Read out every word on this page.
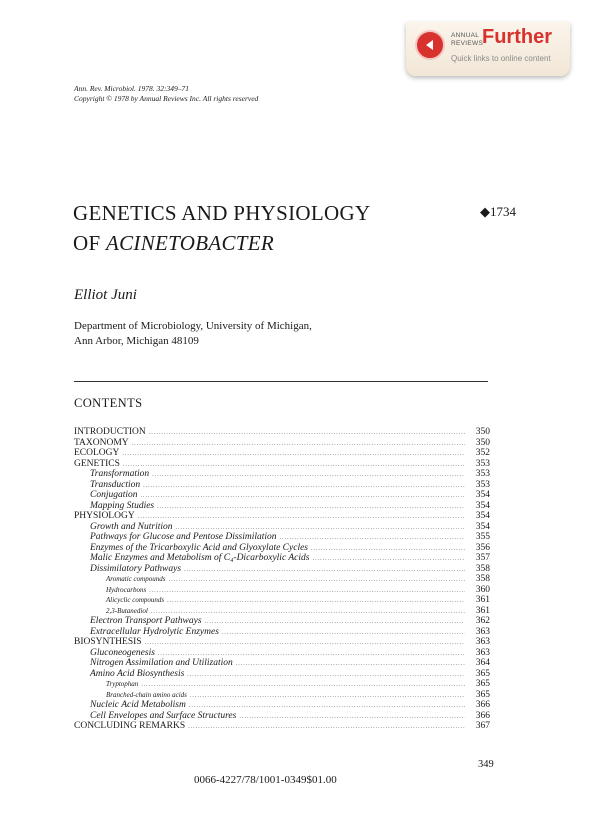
ANNUAL
REVIEWS
Further
Quick links to online content
Ann. Rev. Microbiol. 1978. 32:349–71
Copyright © 1978 by Annual Reviews Inc. All rights reserved
GENETICS AND PHYSIOLOGY
OF ACINETOBACTER
◆1734
Elliot Juni
Department of Microbiology, University of Michigan,
Ann Arbor, Michigan 48109
CONTENTS
INTRODUCTION .....	350
TAXONOMY .....	350
ECOLOGY .....	352
GENETICS .....	353
Transformation .....	353
Transduction .....	353
Conjugation .....	354
Mapping Studies .....	354
PHYSIOLOGY .....	354
Growth and Nutrition .....	354
Pathways for Glucose and Pentose Dissimilation .....	355
Enzymes of the Tricarboxylic Acid and Glyoxylate Cycles .....	356
Malic Enzymes and Metabolism of C₄-Dicarboxylic Acids .....	357
Dissimilatory Pathways .....	358
Aromatic compounds .....	358
Hydrocarbons .....	360
Alicyclic compounds .....	361
2,3-Butanediol .....	361
Electron Transport Pathways .....	362
Extracellular Hydrolytic Enzymes .....	363
BIOSYNTHESIS .....	363
Gluconeogenesis .....	363
Nitrogen Assimilation and Utilization .....	364
Amino Acid Biosynthesis .....	365
Tryptophan .....	365
Branched-chain amino acids .....	365
Nucleic Acid Metabolism .....	366
Cell Envelopes and Surface Structures .....	366
CONCLUDING REMARKS .....	367
349
0066-4227/78/1001-0349$01.00
